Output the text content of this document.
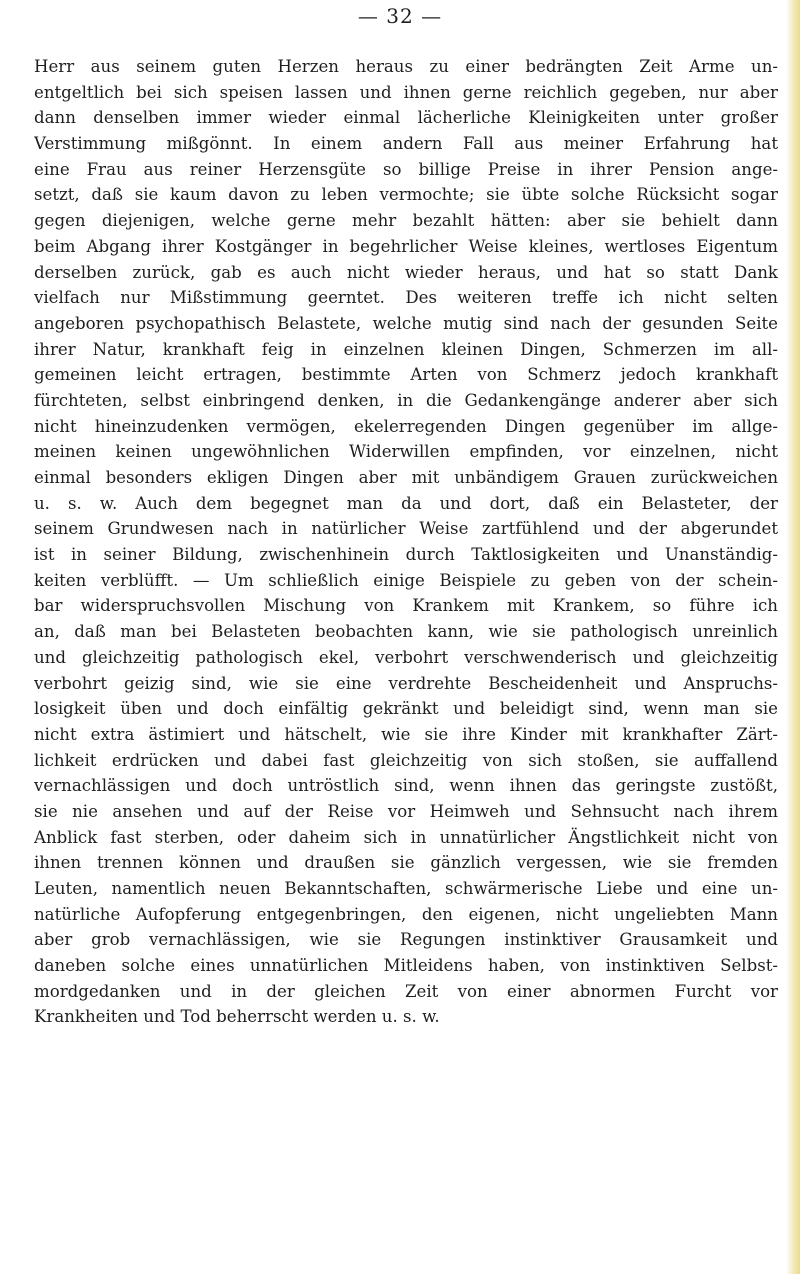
— 32 —
Herr aus seinem guten Herzen heraus zu einer bedrängten Zeit Arme un-
entgeltlich bei sich speisen lassen und ihnen gerne reichlich gegeben, nur aber
dann denselben immer wieder einmal lächerliche Kleinigkeiten unter großer
Verstimmung mißgönnt. In einem andern Fall aus meiner Erfahrung hat
eine Frau aus reiner Herzensgüte so billige Preise in ihrer Pension ange-
setzt, daß sie kaum davon zu leben vermochte; sie übte solche Rücksicht sogar
gegen diejenigen, welche gerne mehr bezahlt hätten: aber sie behielt dann
beim Abgang ihrer Kostgänger in begehrlicher Weise kleines, wertloses Eigentum
derselben zurück, gab es auch nicht wieder heraus, und hat so statt Dank
vielfach nur Mißstimmung geerntet. Des weiteren treffe ich nicht selten
angeboren psychopathisch Belastete, welche mutig sind nach der gesunden Seite
ihrer Natur, krankhaft feig in einzelnen kleinen Dingen, Schmerzen im all-
gemeinen leicht ertragen, bestimmte Arten von Schmerz jedoch krankhaft
fürchteten, selbst einbringend denken, in die Gedankengänge anderer aber sich
nicht hineinzudenken vermögen, ekelerregenden Dingen gegenüber im allge-
meinen keinen ungewöhnlichen Widerwillen empfinden, vor einzelnen, nicht
einmal besonders ekligen Dingen aber mit unbändigem Grauen zurückweichen
u. s. w. Auch dem begegnet man da und dort, daß ein Belasteter, der
seinem Grundwesen nach in natürlicher Weise zartfühlend und der abgerundet
ist in seiner Bildung, zwischenhinein durch Taktlosigkeiten und Unanständig-
keiten verblüfft. — Um schließlich einige Beispiele zu geben von der schein-
bar widerspruchsvollen Mischung von Krankem mit Krankem, so führe ich
an, daß man bei Belasteten beobachten kann, wie sie pathologisch unreinlich
und gleichzeitig pathologisch ekel, verbohrt verschwenderisch und gleichzeitig
verbohrt geizig sind, wie sie eine verdrehte Bescheidenheit und Anspruchs-
losigkeit üben und doch einfältig gekränkt und beleidigt sind, wenn man sie
nicht extra ästimiert und hätschelt, wie sie ihre Kinder mit krankhafter Zärt-
lichkeit erdrücken und dabei fast gleichzeitig von sich stoßen, sie auffallend
vernachlässigen und doch untröstlich sind, wenn ihnen das geringste zustößt,
sie nie ansehen und auf der Reise vor Heimweh und Sehnsucht nach ihrem
Anblick fast sterben, oder daheim sich in unnatürlicher Ängstlichkeit nicht von
ihnen trennen können und draußen sie gänzlich vergessen, wie sie fremden
Leuten, namentlich neuen Bekanntschaften, schwärmerische Liebe und eine un-
natürliche Aufopferung entgegenbringen, den eigenen, nicht ungeliebten Mann
aber grob vernachlässigen, wie sie Regungen instinktiver Grausamkeit und
daneben solche eines unnatürlichen Mitleidens haben, von instinktiven Selbst-
mordgedanken und in der gleichen Zeit von einer abnormen Furcht vor
Krankheiten und Tod beherrscht werden u. s. w.
